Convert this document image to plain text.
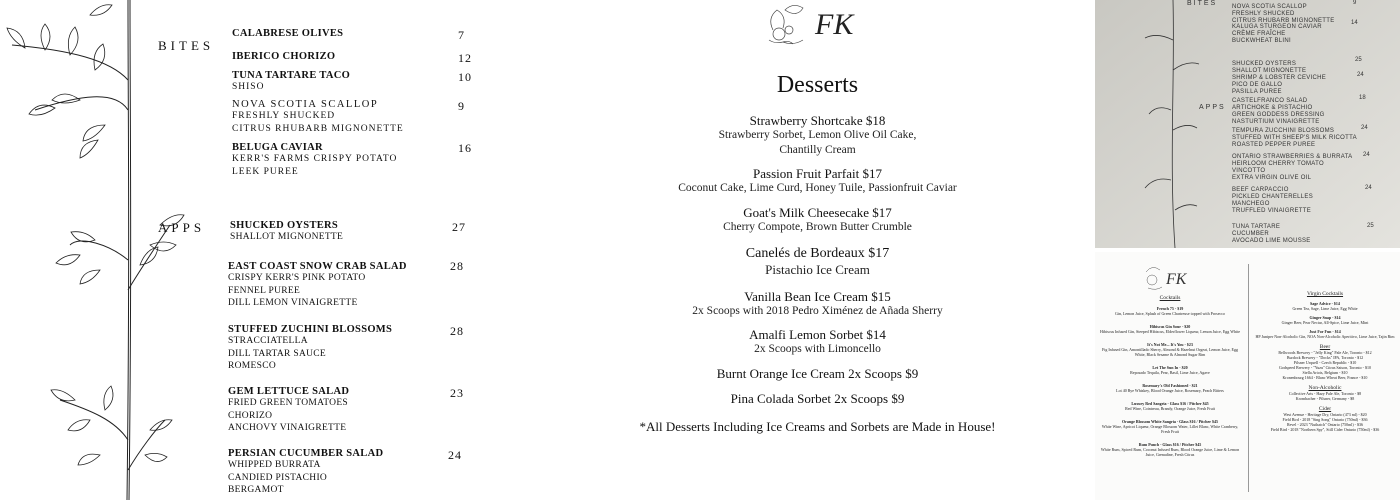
BITES
APPS
CALABRESE OLIVES	7
IBERICO CHORIZO	12
TUNA TARTARE TACO
SHISO
10
NOVA SCOTIA SCALLOP
FRESHLY SHUCKED
CITRUS RHUBARB MIGNONETTE
9
BELUGA CAVIAR
KERR'S FARMS CRISPY POTATO
LEEK PUREE
16
SHUCKED OYSTERS
SHALLOT MIGNONETTE
27
EAST COAST SNOW CRAB SALAD
CRISPY KERR'S PINK POTATO
FENNEL PUREE
DILL LEMON VINAIGRETTE
28
STUFFED ZUCHINI BLOSSOMS
STRACCIATELLA
DILL TARTAR SAUCE
ROMESCO
28
GEM LETTUCE SALAD
FRIED GREEN TOMATOES
CHORIZO
ANCHOVY VINAIGRETTE
23
PERSIAN CUCUMBER SALAD
WHIPPED BURRATA
CANDIED PISTACHIO
BERGAMOT
24
FK
Desserts
Strawberry Shortcake $18
Strawberry Sorbet, Lemon Olive Oil Cake,
Chantilly Cream
Passion Fruit Parfait $17
Coconut Cake, Lime Curd, Honey Tuile, Passionfruit Caviar
Goat's Milk Cheesecake $17
Cherry Compote, Brown Butter Crumble
Canelés de Bordeaux $17
Pistachio Ice Cream
Vanilla Bean Ice Cream $15
2x Scoops with 2018 Pedro Ximénez de Añada Sherry
Amalfi Lemon Sorbet $14
2x Scoops with Limoncello
Burnt Orange Ice Cream 2x Scoops $9
Pina Colada Sorbet 2x Scoops $9
*All Desserts Including Ice Creams and Sorbets are Made in House!
BITES
APPS
NOVA SCOTIA SCALLOP
FRESHLY SHUCKED
CITRUS RHUBARB MIGNONETTE
9
KALUGA STURGEON CAVIAR
CRÈME FRAÎCHE
BUCKWHEAT BLINI
14
SHUCKED OYSTERS
SHALLOT MIGNONETTE
25
SHRIMP & LOBSTER CEVICHE
PICO DE GALLO
PASILLA PUREE
24
CASTELFRANCO SALAD
ARTICHOKE & PISTACHIO
GREEN GODDESS DRESSING
NASTURTIUM VINAIGRETTE
18
TEMPURA ZUCCHINI BLOSSOMS
STUFFED WITH SHEEP'S MILK RICOTTA
ROASTED PEPPER PUREE
24
ONTARIO STRAWBERRIES & BURRATA
HEIRLOOM CHERRY TOMATO
VINCOTTO
EXTRA VIRGIN OLIVE OIL
24
BEEF CARPACCIO
PICKLED CHANTERELLES
MANCHEGO
TRUFFLED VINAIGRETTE
24
TUNA TARTARE
CUCUMBER
AVOCADO LIME MOUSSE
25
FK
Cocktails
French 75 - $19
Gin, Lemon Juice, Splash of Green Chartreuse topped with Prosecco
Hibiscus Gin Sour - $20
Hibiscus Infused Gin, Steeped Hibiscus, Elderflower Liqueur, Lemon Juice, Egg White
It's Not Me... It's You - $23
Fig Infused Gin, Amontillado Sherry, Almond & Hazelnut Orgeat, Lemon Juice, Egg White, Black Sesame & Almond Sugar Rim
Let The Sun In - $20
Reposado Tequila, Pear, Basil, Lime Juice, Agave
Rosemary's Old Fashioned - $21
Lot 40 Rye Whiskey, Blood Orange Juice, Rosemary, Peach Bitters
Luxury Red Sangria - Glass $16 / Pitcher $45
Red Wine, Cointreau, Brandy, Orange Juice, Fresh Fruit
Orange Blossom White Sangria - Glass $16 / Pitcher $45
White Wine, Apricot Liqueur, Orange Blossom Water, Lillet Blanc, White Cranberry, Fresh Fruit
Rum Punch - Glass $16 / Pitcher $45
White Rum, Spiced Rum, Coconut Infused Rum, Blood Orange Juice, Lime & Lemon Juice, Grenadine, Fresh Citrus
Virgin Cocktails
Sage Advice - $14
Green Tea, Sage, Lime Juice, Egg White
Ginger Snap - $14
Ginger Beer, Pear Nectar, All-Spice, Lime Juice, Mint
Just For Fun - $14
HP Juniper Non-Alcoholic Gin, NOA Non-Alcoholic Aperitivo, Lime Juice, Tajin Rim
Beer
Bellwoods Brewery - "Jelly King" Pale Ale, Toronto - $12
Burdock Brewery - "Docks" IPA, Toronto - $12
Pilsner Urquell - Czech Republic - $10
Godspeed Brewery - "Yuzu" Citrus Saison, Toronto - $10
Stella Artois, Belgium - $10
Kronenbourg 1664 - Blanc Wheat Beer, France - $10
Non-Alcoholic
Collective Arts - Hazy Pale Ale, Toronto - $8
Krombacher - Pilsner, Germany - $8
Cider
West Avenue - Heritage Dry, Ontario (473 ml) - $20
Field Bird - 2018 "Sing Song" Ontario (750ml) - $36
Revel - 2023 "Nuthatch" Ontario (750ml) - $36
Field Bird - 2018 "Northern Spy", Still Cider Ontario (750ml) - $36
